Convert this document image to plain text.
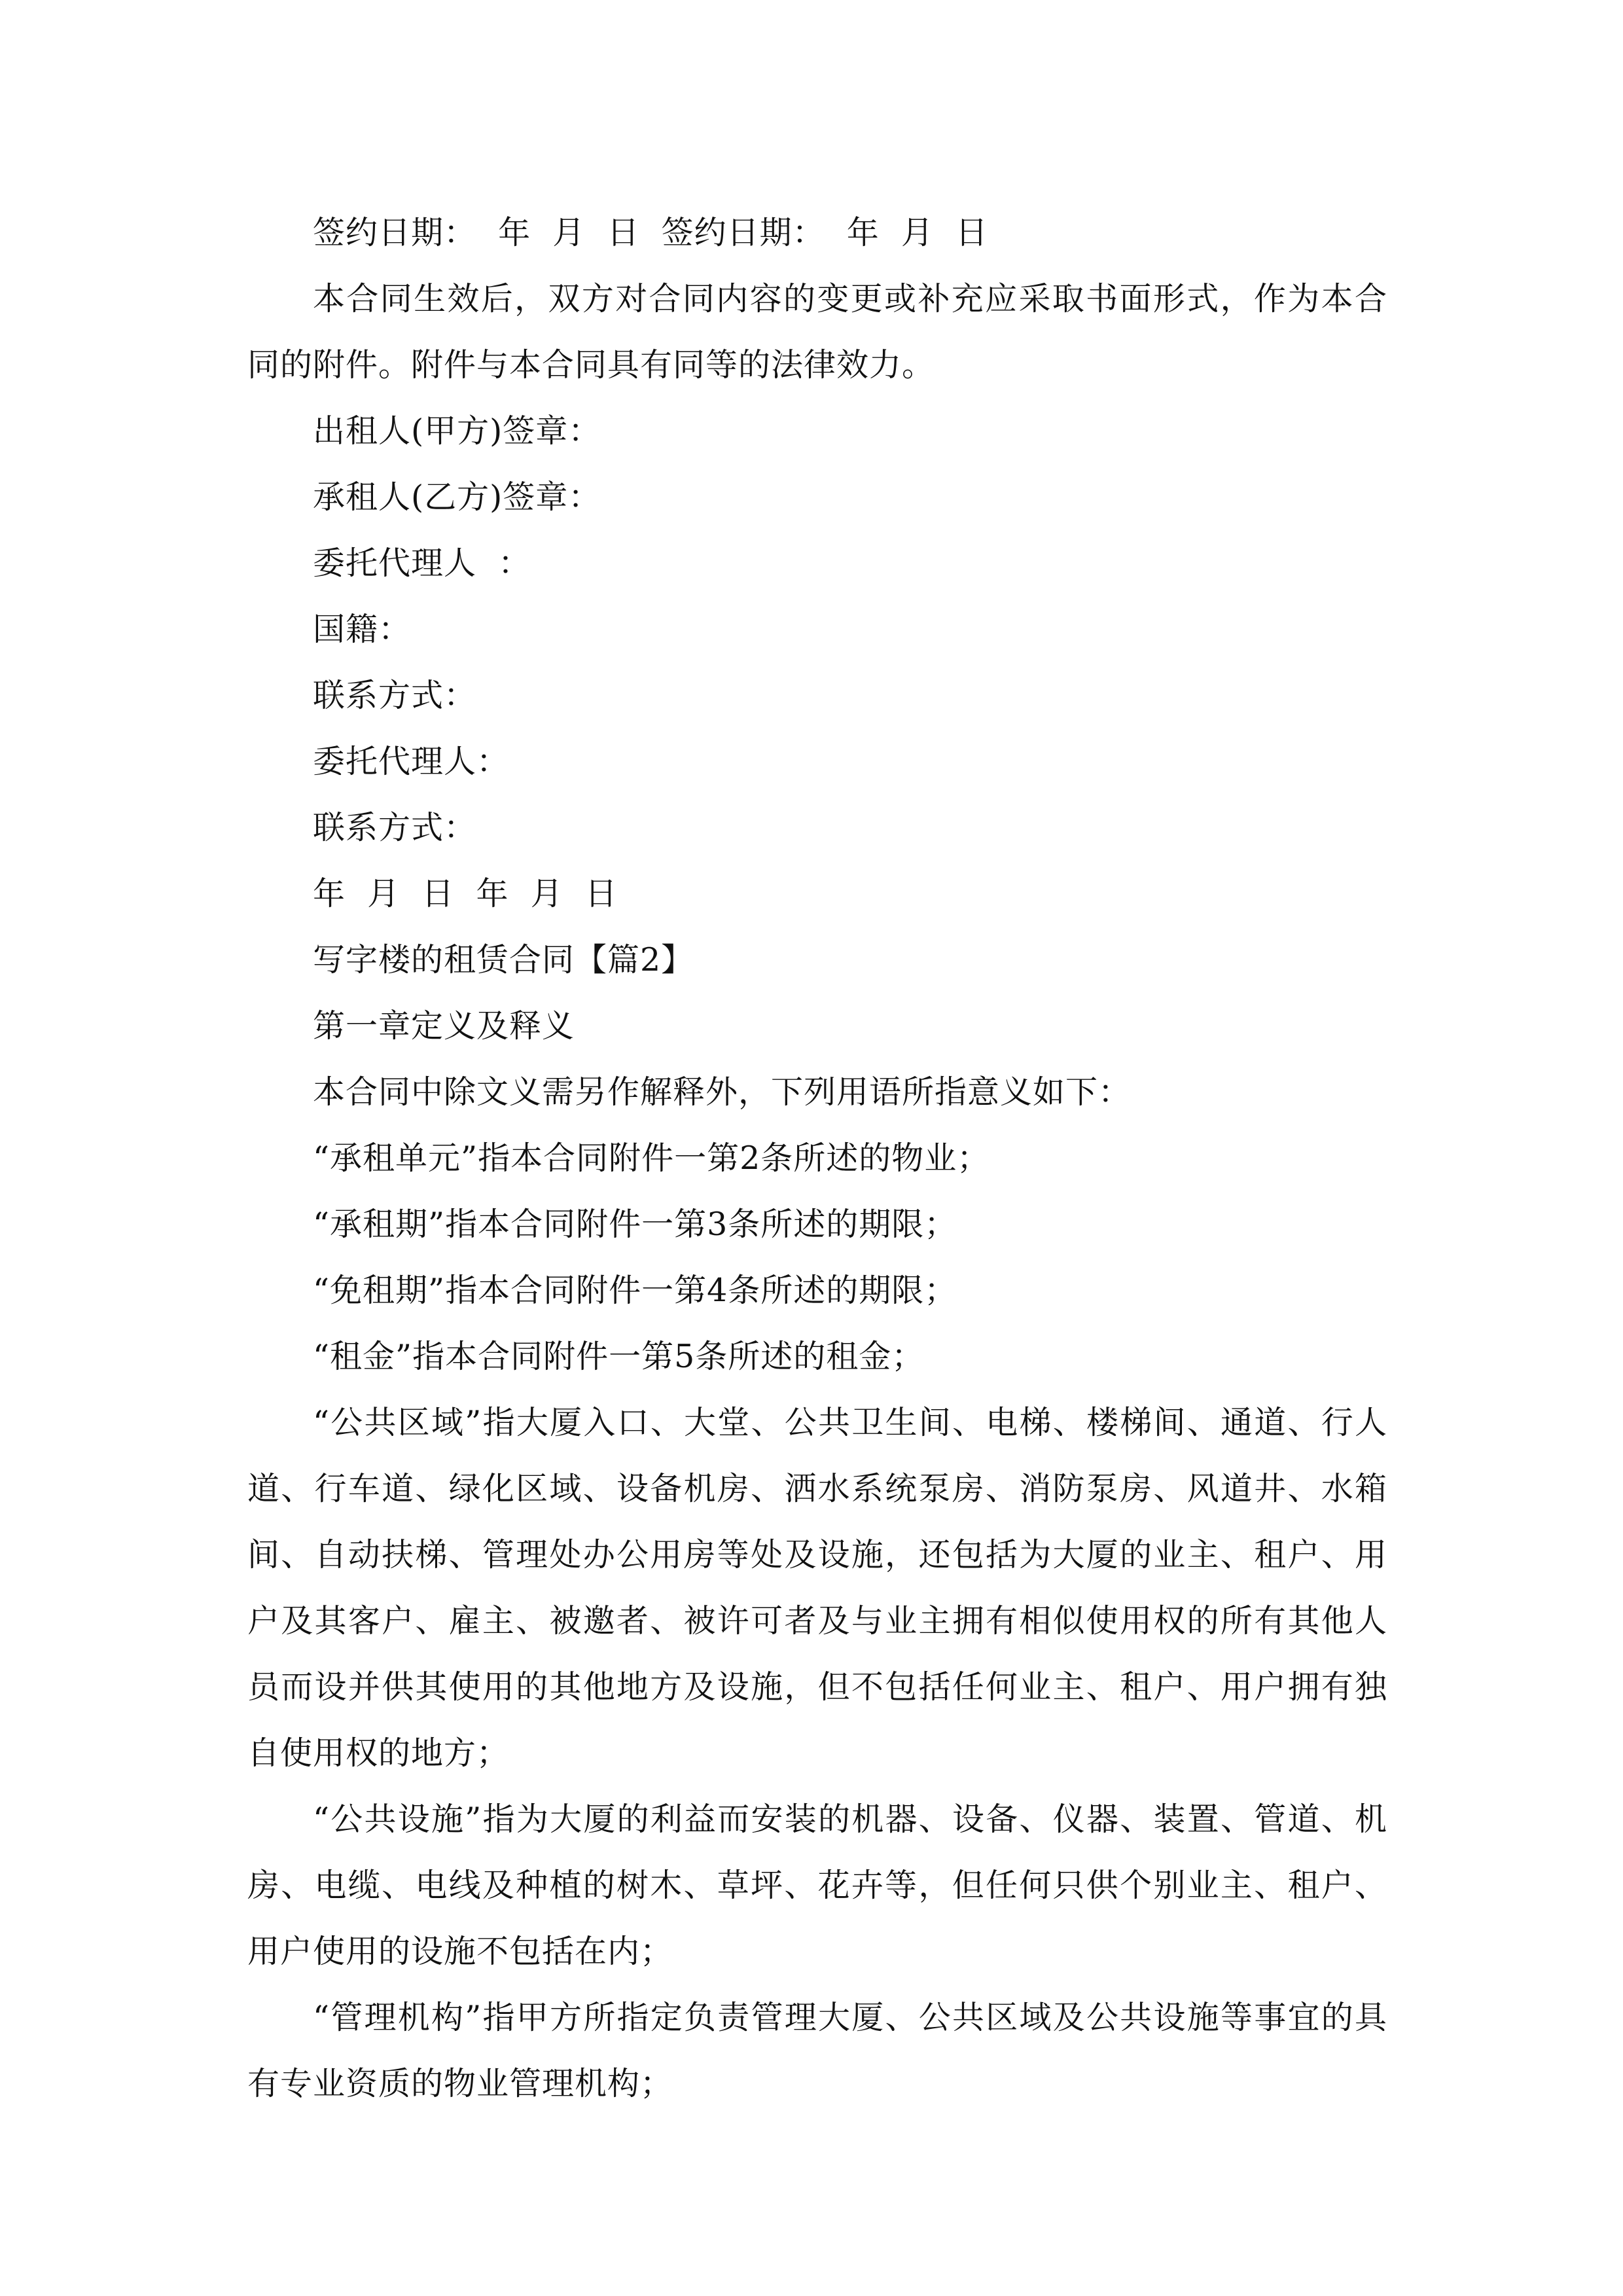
签约日期：  年  月  日  签约日期：  年  月  日

本合同生效后，双方对合同内容的变更或补充应采取书面形式，作为本合同的附件。附件与本合同具有同等的法律效力。

出租人(甲方)签章：

承租人(乙方)签章：

委托代理人  ：

国籍：

联系方式：

委托代理人：

联系方式：

年  月  日  年  月  日

写字楼的租赁合同【篇2】

第一章定义及释义

本合同中除文义需另作解释外，下列用语所指意义如下：

“承租单元”指本合同附件一第2条所述的物业；

“承租期”指本合同附件一第3条所述的期限；

“免租期”指本合同附件一第4条所述的期限；

“租金”指本合同附件一第5条所述的租金；

“公共区域”指大厦入口、大堂、公共卫生间、电梯、楼梯间、通道、行人道、行车道、绿化区域、设备机房、洒水系统泵房、消防泵房、风道井、水箱间、自动扶梯、管理处办公用房等处及设施，还包括为大厦的业主、租户、用户及其客户、雇主、被邀者、被许可者及与业主拥有相似使用权的所有其他人员而设并供其使用的其他地方及设施，但不包括任何业主、租户、用户拥有独自使用权的地方；

“公共设施”指为大厦的利益而安装的机器、设备、仪器、装置、管道、机房、电缆、电线及种植的树木、草坪、花卉等，但任何只供个别业主、租户、用户使用的设施不包括在内；

“管理机构”指甲方所指定负责管理大厦、公共区域及公共设施等事宜的具有专业资质的物业管理机构；
